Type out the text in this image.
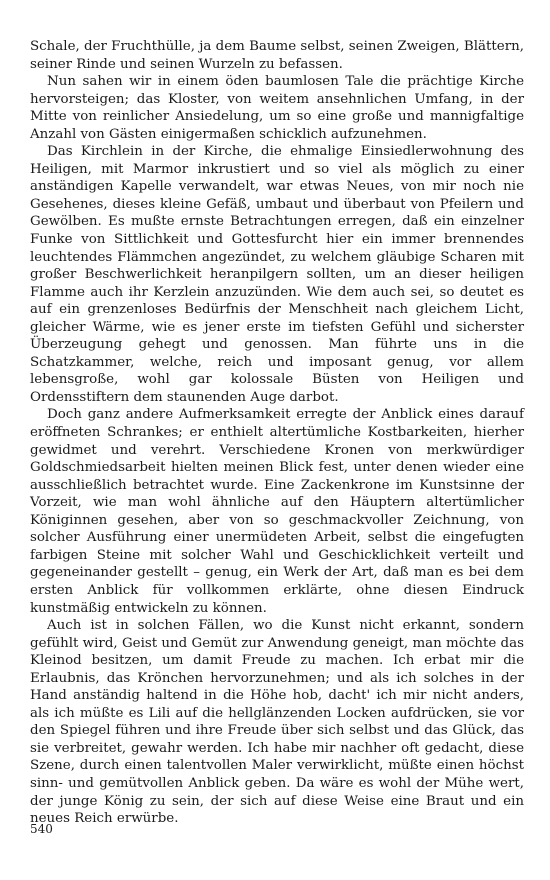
Schale, der Fruchthülle, ja dem Baume selbst, seinen Zweigen, Blättern, seiner Rinde und seinen Wurzeln zu befassen.

Nun sahen wir in einem öden baumlosen Tale die prächtige Kirche hervorsteigen; das Kloster, von weitem ansehnlichen Umfang, in der Mitte von reinlicher Ansiedelung, um so eine große und mannigfaltige Anzahl von Gästen einigermaßen schicklich aufzunehmen.

Das Kirchlein in der Kirche, die ehmalige Einsiedlerwohnung des Heiligen, mit Marmor inkrustiert und so viel als möglich zu einer anständigen Kapelle verwandelt, war etwas Neues, von mir noch nie Gesehenes, dieses kleine Gefäß, umbaut und überbaut von Pfeilern und Gewölben. Es mußte ernste Betrachtungen erregen, daß ein einzelner Funke von Sittlichkeit und Gottesfurcht hier ein immer brennendes leuchtendes Flämmchen angezündet, zu welchem gläubige Scharen mit großer Beschwerlichkeit heranpilgern sollten, um an dieser heiligen Flamme auch ihr Kerzlein anzuzünden. Wie dem auch sei, so deutet es auf ein grenzenloses Bedürfnis der Menschheit nach gleichem Licht, gleicher Wärme, wie es jener erste im tiefsten Gefühl und sicherster Überzeugung gehegt und genossen. Man führte uns in die Schatzkammer, welche, reich und imposant genug, vor allem lebensgroße, wohl gar kolossale Büsten von Heiligen und Ordensstiftern dem staunenden Auge darbot.

Doch ganz andere Aufmerksamkeit erregte der Anblick eines darauf eröffneten Schrankes; er enthielt altertümliche Kostbarkeiten, hierher gewidmet und verehrt. Verschiedene Kronen von merkwürdiger Goldschmiedsarbeit hielten meinen Blick fest, unter denen wieder eine ausschließlich betrachtet wurde. Eine Zackenkrone im Kunstsinne der Vorzeit, wie man wohl ähnliche auf den Häuptern altertümlicher Königinnen gesehen, aber von so geschmackvoller Zeichnung, von solcher Ausführung einer unermüdeten Arbeit, selbst die eingefugten farbigen Steine mit solcher Wahl und Geschicklichkeit verteilt und gegeneinander gestellt – genug, ein Werk der Art, daß man es bei dem ersten Anblick für vollkommen erklärte, ohne diesen Eindruck kunstmäßig entwickeln zu können.

Auch ist in solchen Fällen, wo die Kunst nicht erkannt, sondern gefühlt wird, Geist und Gemüt zur Anwendung geneigt, man möchte das Kleinod besitzen, um damit Freude zu machen. Ich erbat mir die Erlaubnis, das Krönchen hervorzunehmen; und als ich solches in der Hand anständig haltend in die Höhe hob, dacht' ich mir nicht anders, als ich müßte es Lili auf die hellglänzenden Locken aufdrücken, sie vor den Spiegel führen und ihre Freude über sich selbst und das Glück, das sie verbreitet, gewahr werden. Ich habe mir nachher oft gedacht, diese Szene, durch einen talentvollen Maler verwirklicht, müßte einen höchst sinn- und gemütvollen Anblick geben. Da wäre es wohl der Mühe wert, der junge König zu sein, der sich auf diese Weise eine Braut und ein neues Reich erwürbe.

540
